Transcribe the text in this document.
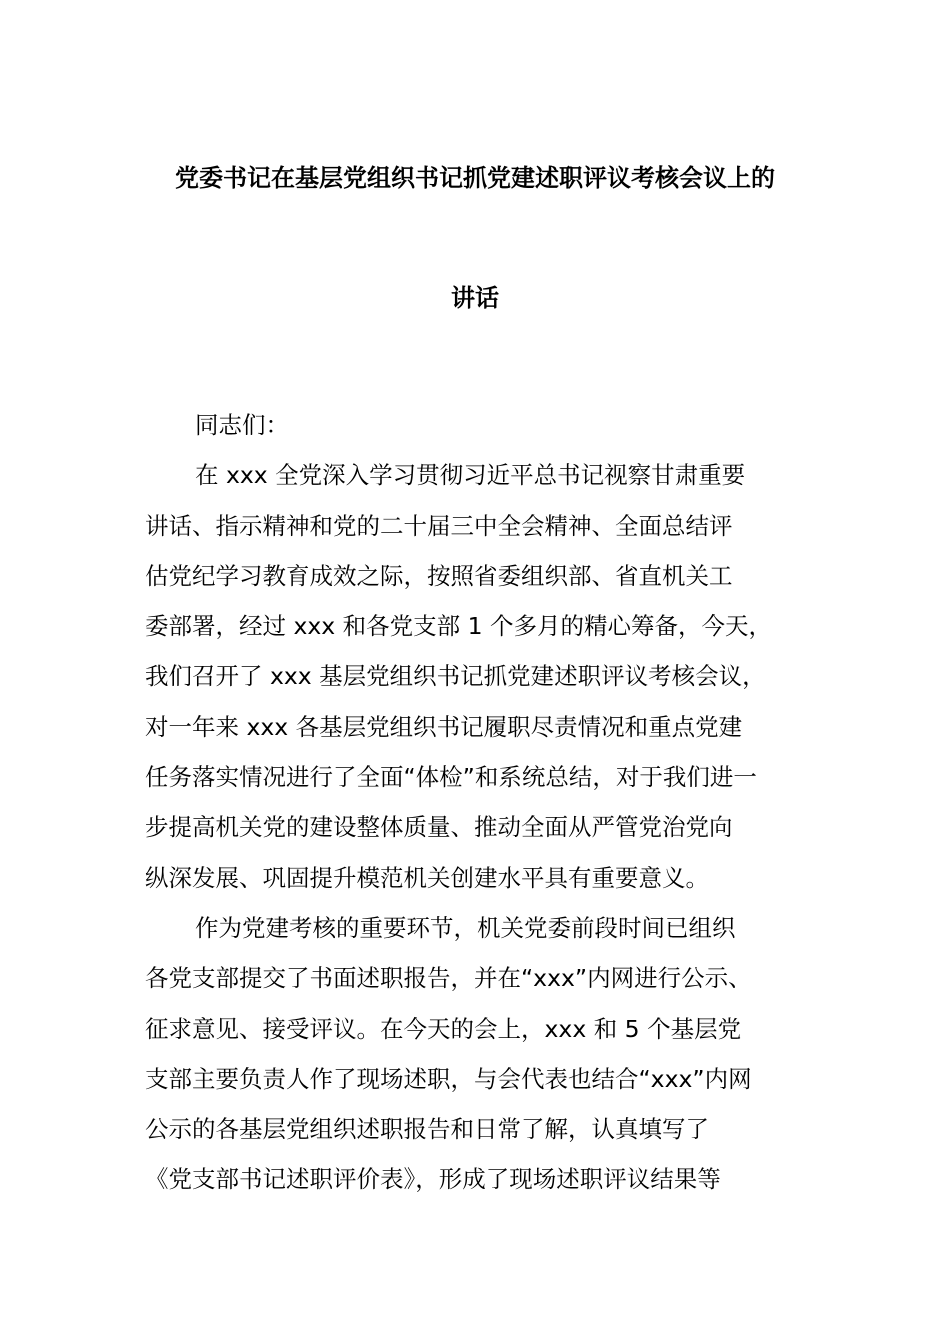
党委书记在基层党组织书记抓党建述职评议考核会议上的
讲话
同志们：
在 xxx 全党深入学习贯彻习近平总书记视察甘肃重要
讲话、指示精神和党的二十届三中全会精神、全面总结评
估党纪学习教育成效之际，按照省委组织部、省直机关工
委部署，经过 xxx 和各党支部 1 个多月的精心筹备，今天，
我们召开了 xxx 基层党组织书记抓党建述职评议考核会议，
对一年来 xxx 各基层党组织书记履职尽责情况和重点党建
任务落实情况进行了全面“体检”和系统总结，对于我们进一
步提高机关党的建设整体质量、推动全面从严管党治党向
纵深发展、巩固提升模范机关创建水平具有重要意义。
作为党建考核的重要环节，机关党委前段时间已组织
各党支部提交了书面述职报告，并在“xxx”内网进行公示、
征求意见、接受评议。在今天的会上，xxx 和 5 个基层党
支部主要负责人作了现场述职，与会代表也结合“xxx”内网
公示的各基层党组织述职报告和日常了解，认真填写了
《党支部书记述职评价表》，形成了现场述职评议结果等
